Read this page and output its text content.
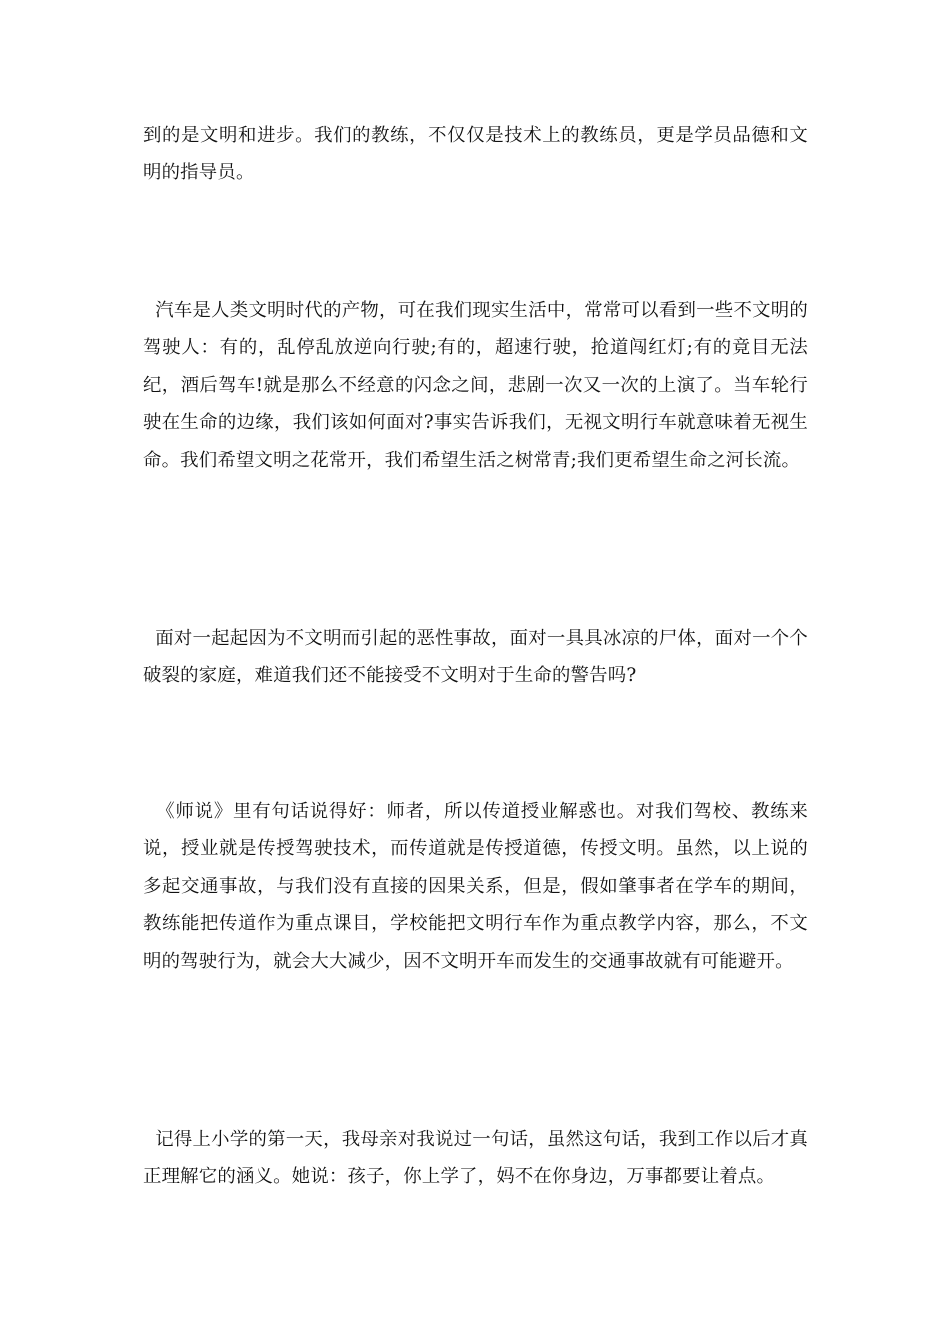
到的是文明和进步。我们的教练，不仅仅是技术上的教练员，更是学员品德和文明的指导员。

汽车是人类文明时代的产物，可在我们现实生活中，常常可以看到一些不文明的驾驶人：有的，乱停乱放逆向行驶;有的，超速行驶，抢道闯红灯;有的竟目无法纪，酒后驾车!就是那么不经意的闪念之间，悲剧一次又一次的上演了。当车轮行驶在生命的边缘，我们该如何面对?事实告诉我们，无视文明行车就意味着无视生命。我们希望文明之花常开，我们希望生活之树常青;我们更希望生命之河长流。

面对一起起因为不文明而引起的恶性事故，面对一具具冰凉的尸体，面对一个个破裂的家庭，难道我们还不能接受不文明对于生命的警告吗?

《师说》里有句话说得好：师者，所以传道授业解惑也。对我们驾校、教练来说，授业就是传授驾驶技术，而传道就是传授道德，传授文明。虽然，以上说的多起交通事故，与我们没有直接的因果关系，但是，假如肇事者在学车的期间，教练能把传道作为重点课目，学校能把文明行车作为重点教学内容，那么，不文明的驾驶行为，就会大大减少，因不文明开车而发生的交通事故就有可能避开。

记得上小学的第一天，我母亲对我说过一句话，虽然这句话，我到工作以后才真正理解它的涵义。她说：孩子，你上学了，妈不在你身边，万事都要让着点。
